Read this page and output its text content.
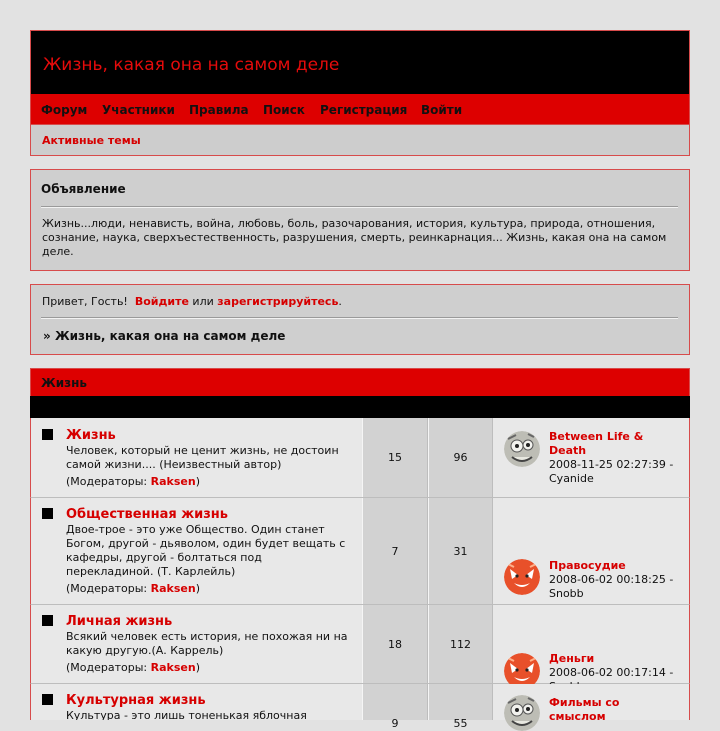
Жизнь, какая она на самом деле
Форум Участники Правила Поиск Регистрация Войти
Активные темы
Объявление
Жизнь...люди, ненависть, война, любовь, боль, разочарования, история, культура, природа, отношения, сознание, наука, сверхъестественность, разрушения, смерть, реинкарнация... Жизнь, какая она на самом деле.
Привет, Гость! Войдите или зарегистрируйтесь.
» Жизнь, какая она на самом деле
Жизнь
Жизнь
Человек, который не ценит жизнь, не достоин самой жизни.... (Неизвестный автор)
(Модераторы: Raksen)
15	96
Between Life & Death
2008-11-25 02:27:39 -
Cyanide
Общественная жизнь
Двое-трое - это уже Общество. Один станет Богом, другой - дьяволом, один будет вещать с кафедры, другой - болтаться под перекладиной. (Т. Карлейль)
(Модераторы: Raksen)
7	31
Правосудие
2008-06-02 00:18:25 -
Snobb
Личная жизнь
Всякий человек есть история, не похожая ни на какую другую.(А. Каррель)
(Модераторы: Raksen)
18	112
Деньги
2008-06-02 00:17:14 -
Культурная жизнь
Культура - это лишь тоненькая яблочная
9	55
Фильмы со смыслом
